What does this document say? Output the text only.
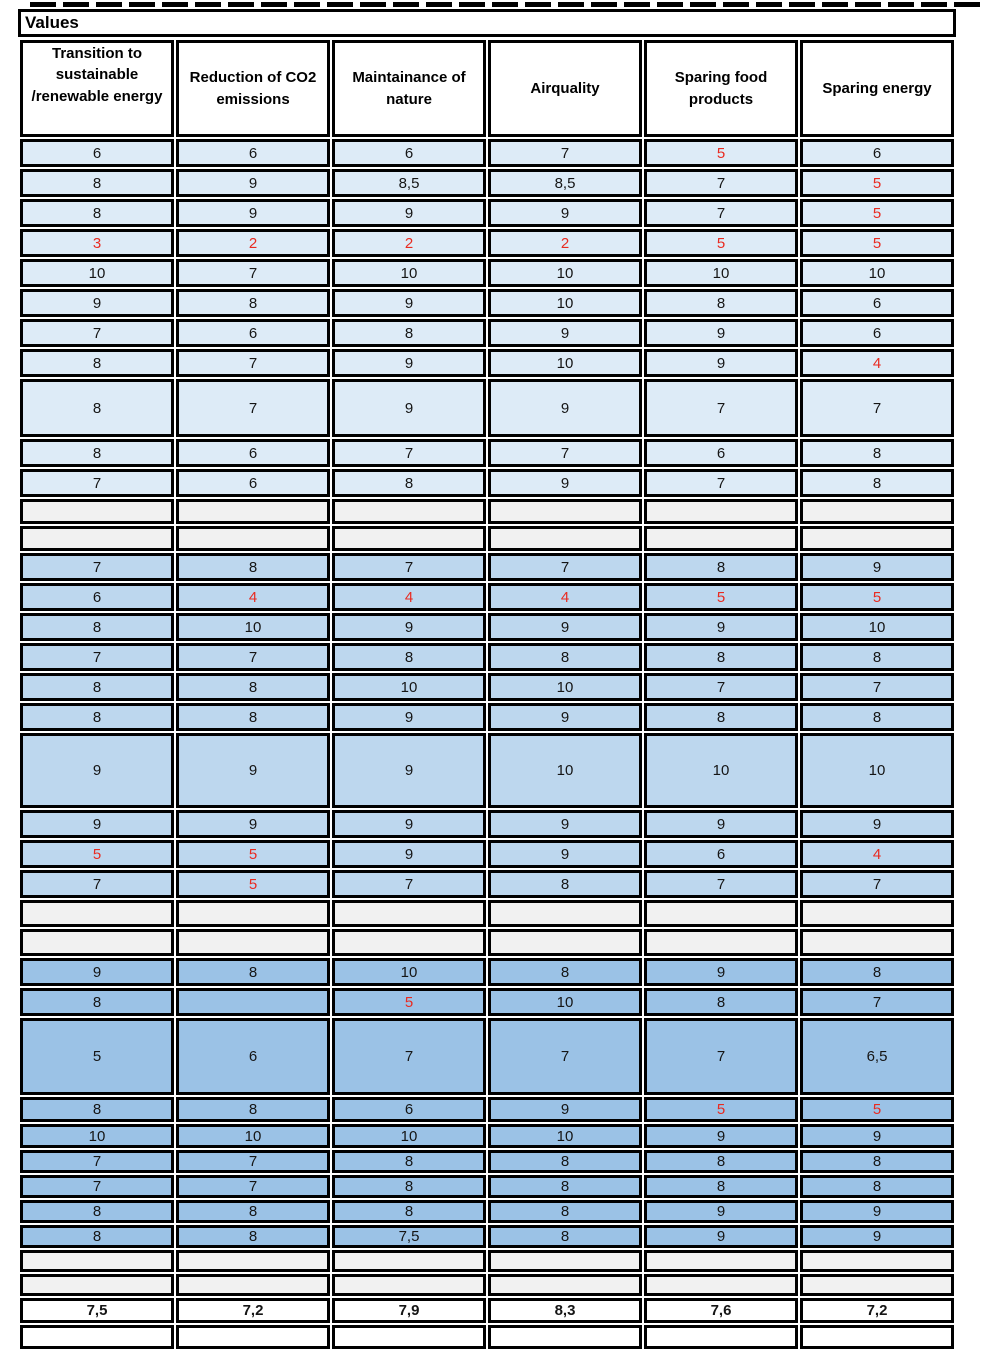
Values
Transition to sustainable /renewable energy	Reduction of CO2 emissions	Maintainance of nature	Airquality	Sparing food products	Sparing energy
6	6	6	7	5	6
8	9	8,5	8,5	7	5
8	9	9	9	7	5
3	2	2	2	5	5
10	7	10	10	10	10
9	8	9	10	8	6
7	6	8	9	9	6
8	7	9	10	9	4
8	7	9	9	7	7
8	6	7	7	6	8
7	6	8	9	7	8

7	8	7	7	8	9
6	4	4	4	5	5
8	10	9	9	9	10
7	7	8	8	8	8
8	8	10	10	7	7
8	8	9	9	8	8
9	9	9	10	10	10
9	9	9	9	9	9
5	5	9	9	6	4
7	5	7	8	7	7

9	8	10	8	9	8
8		5	10	8	7
5	6	7	7	7	6,5
8	8	6	9	5	5
10	10	10	10	9	9
7	7	8	8	8	8
7	7	8	8	8	8
8	8	8	8	9	9
8	8	7,5	8	9	9

7,5	7,2	7,9	8,3	7,6	7,2
